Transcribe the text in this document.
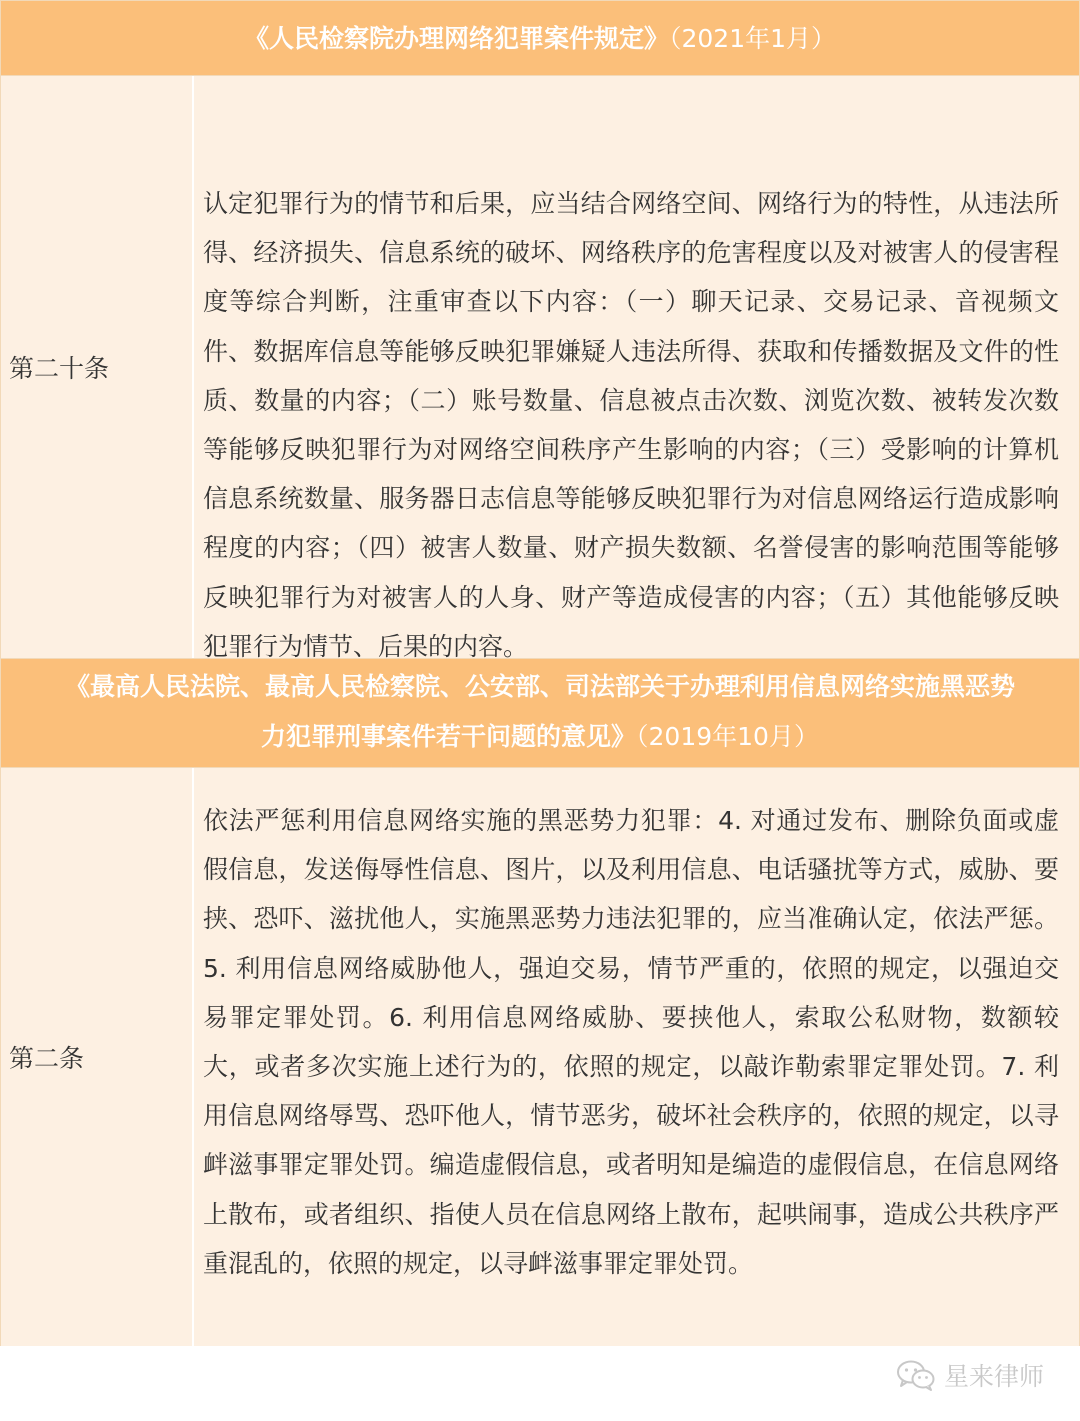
《人民检察院办理网络犯罪案件规定》（2021年1月）
第二十条
认定犯罪行为的情节和后果，应当结合网络空间、网络行为的特性，从违法所得、经济损失、信息系统的破坏、网络秩序的危害程度以及对被害人的侵害程度等综合判断，注重审查以下内容：（一）聊天记录、交易记录、音视频文件、数据库信息等能够反映犯罪嫌疑人违法所得、获取和传播数据及文件的性质、数量的内容；（二）账号数量、信息被点击次数、浏览次数、被转发次数等能够反映犯罪行为对网络空间秩序产生影响的内容；（三）受影响的计算机信息系统数量、服务器日志信息等能够反映犯罪行为对信息网络运行造成影响程度的内容；（四）被害人数量、财产损失数额、名誉侵害的影响范围等能够反映犯罪行为对被害人的人身、财产等造成侵害的内容；（五）其他能够反映犯罪行为情节、后果的内容。
《最高人民法院、最高人民检察院、公安部、司法部关于办理利用信息网络实施黑恶势
力犯罪刑事案件若干问题的意见》（2019年10月）
第二条
依法严惩利用信息网络实施的黑恶势力犯罪：4. 对通过发布、删除负面或虚假信息，发送侮辱性信息、图片，以及利用信息、电话骚扰等方式，威胁、要挟、恐吓、滋扰他人，实施黑恶势力违法犯罪的，应当准确认定，依法严惩。5. 利用信息网络威胁他人，强迫交易，情节严重的，依照的规定，以强迫交易罪定罪处罚。6. 利用信息网络威胁、要挟他人，索取公私财物，数额较大，或者多次实施上述行为的，依照的规定，以敲诈勒索罪定罪处罚。7. 利用信息网络辱骂、恐吓他人，情节恶劣，破坏社会秩序的，依照的规定，以寻衅滋事罪定罪处罚。编造虚假信息，或者明知是编造的虚假信息，在信息网络上散布，或者组织、指使人员在信息网络上散布，起哄闹事，造成公共秩序严重混乱的，依照的规定，以寻衅滋事罪定罪处罚。
星来律师
